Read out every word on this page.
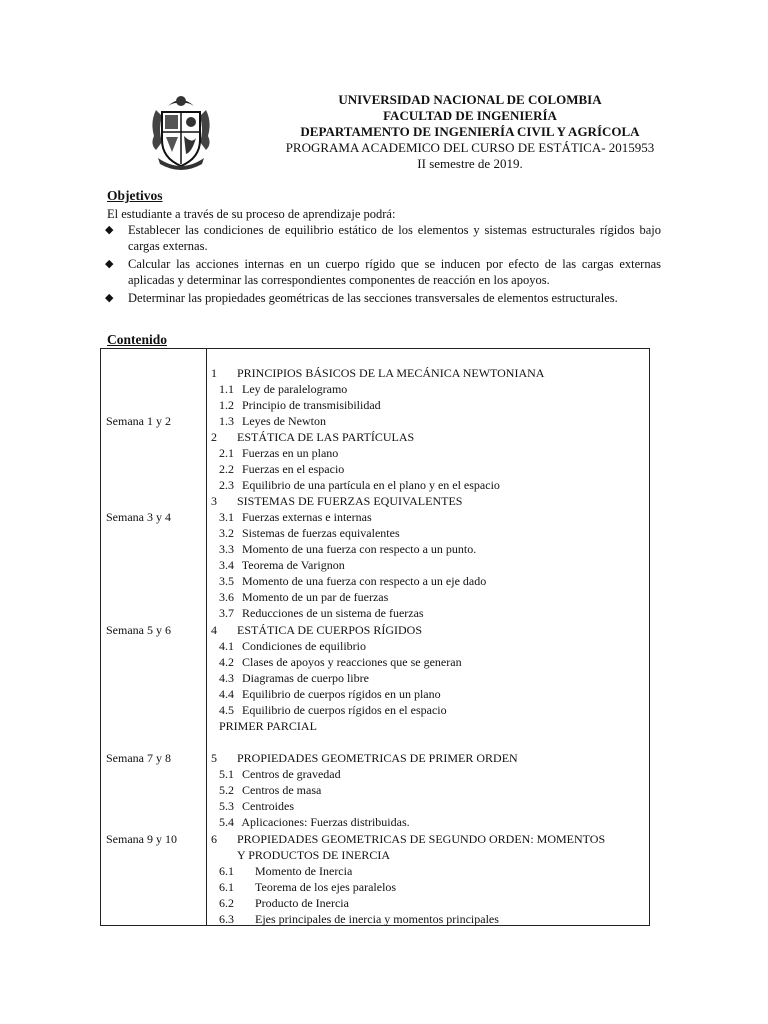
UNIVERSIDAD NACIONAL DE COLOMBIA
FACULTAD DE INGENIERÍA
DEPARTAMENTO DE INGENIERÍA CIVIL Y AGRÍCOLA
PROGRAMA ACADEMICO DEL CURSO DE ESTÁTICA- 2015953
II semestre de 2019.
Objetivos
El estudiante a través de su proceso de aprendizaje podrá:
◆ Establecer las condiciones de equilibrio estático de los elementos y sistemas estructurales rígidos bajo cargas externas.
◆ Calcular las acciones internas en un cuerpo rígido que se inducen por efecto de las cargas externas aplicadas y determinar las correspondientes componentes de reacción en los apoyos.
◆ Determinar las propiedades geométricas de las secciones transversales de elementos estructurales.
Contenido
Semana 1 y 2
Semana 3 y 4
Semana 5 y 6
Semana 7 y 8
Semana 9 y 10
1 PRINCIPIOS BÁSICOS DE LA MECÁNICA NEWTONIANA
1.1 Ley de paralelogramo
1.2 Principio de transmisibilidad
1.3 Leyes de Newton
2 ESTÁTICA DE LAS PARTÍCULAS
2.1 Fuerzas en un plano
2.2 Fuerzas en el espacio
2.3 Equilibrio de una partícula en el plano y en el espacio
3 SISTEMAS DE FUERZAS EQUIVALENTES
3.1 Fuerzas externas e internas
3.2 Sistemas de fuerzas equivalentes
3.3 Momento de una fuerza con respecto a un punto.
3.4 Teorema de Varignon
3.5 Momento de una fuerza con respecto a un eje dado
3.6 Momento de un par de fuerzas
3.7 Reducciones de un sistema de fuerzas
4 ESTÁTICA DE CUERPOS RÍGIDOS
4.1 Condiciones de equilibrio
4.2 Clases de apoyos y reacciones que se generan
4.3 Diagramas de cuerpo libre
4.4 Equilibrio de cuerpos rígidos en un plano
4.5 Equilibrio de cuerpos rígidos en el espacio
PRIMER PARCIAL
5 PROPIEDADES GEOMETRICAS DE PRIMER ORDEN
5.1 Centros de gravedad
5.2 Centros de masa
5.3 Centroides
5.4 Aplicaciones: Fuerzas distribuidas.
6 PROPIEDADES GEOMETRICAS DE SEGUNDO ORDEN: MOMENTOS
Y PRODUCTOS DE INERCIA
6.1 Momento de Inercia
6.1 Teorema de los ejes paralelos
6.2 Producto de Inercia
6.3 Ejes principales de inercia y momentos principales
